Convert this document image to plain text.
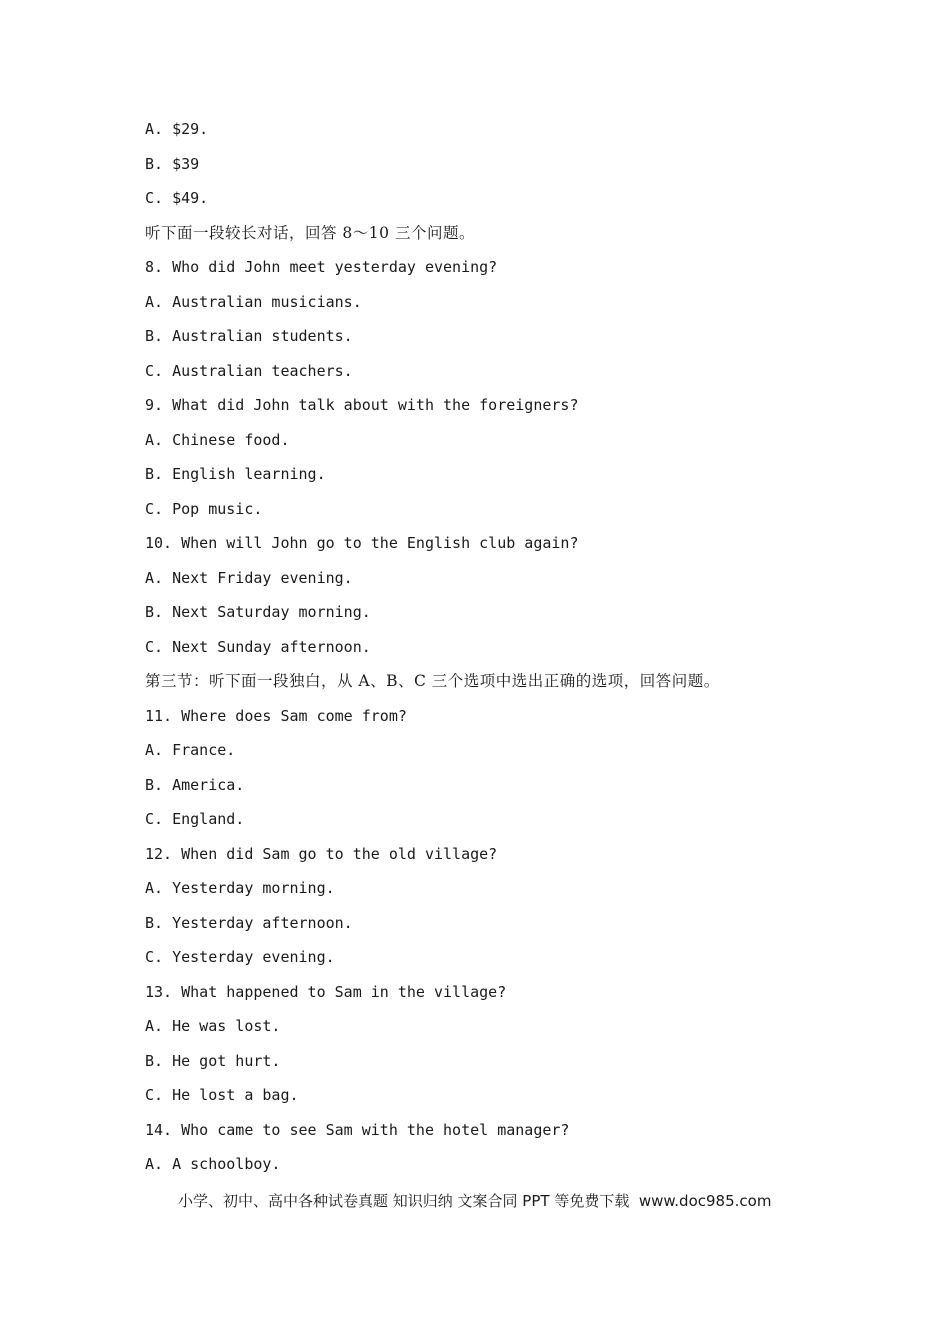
A. $29.
B. $39
C. $49.
听下面一段较长对话，回答 8～10 三个问题。
8. Who did John meet yesterday evening?
A. Australian musicians.
B. Australian students.
C. Australian teachers.
9. What did John talk about with the foreigners?
A. Chinese food.
B. English learning.
C. Pop music.
10. When will John go to the English club again?
A. Next Friday evening.
B. Next Saturday morning.
C. Next Sunday afternoon.
第三节：听下面一段独白，从 A、B、C 三个选项中选出正确的选项，回答问题。
11. Where does Sam come from?
A. France.
B. America.
C. England.
12. When did Sam go to the old village?
A. Yesterday morning.
B. Yesterday afternoon.
C. Yesterday evening.
13. What happened to Sam in the village?
A. He was lost.
B. He got hurt.
C. He lost a bag.
14. Who came to see Sam with the hotel manager?
A. A schoolboy.
小学、初中、高中各种试卷真题 知识归纳 文案合同 PPT 等免费下载  www.doc985.com
